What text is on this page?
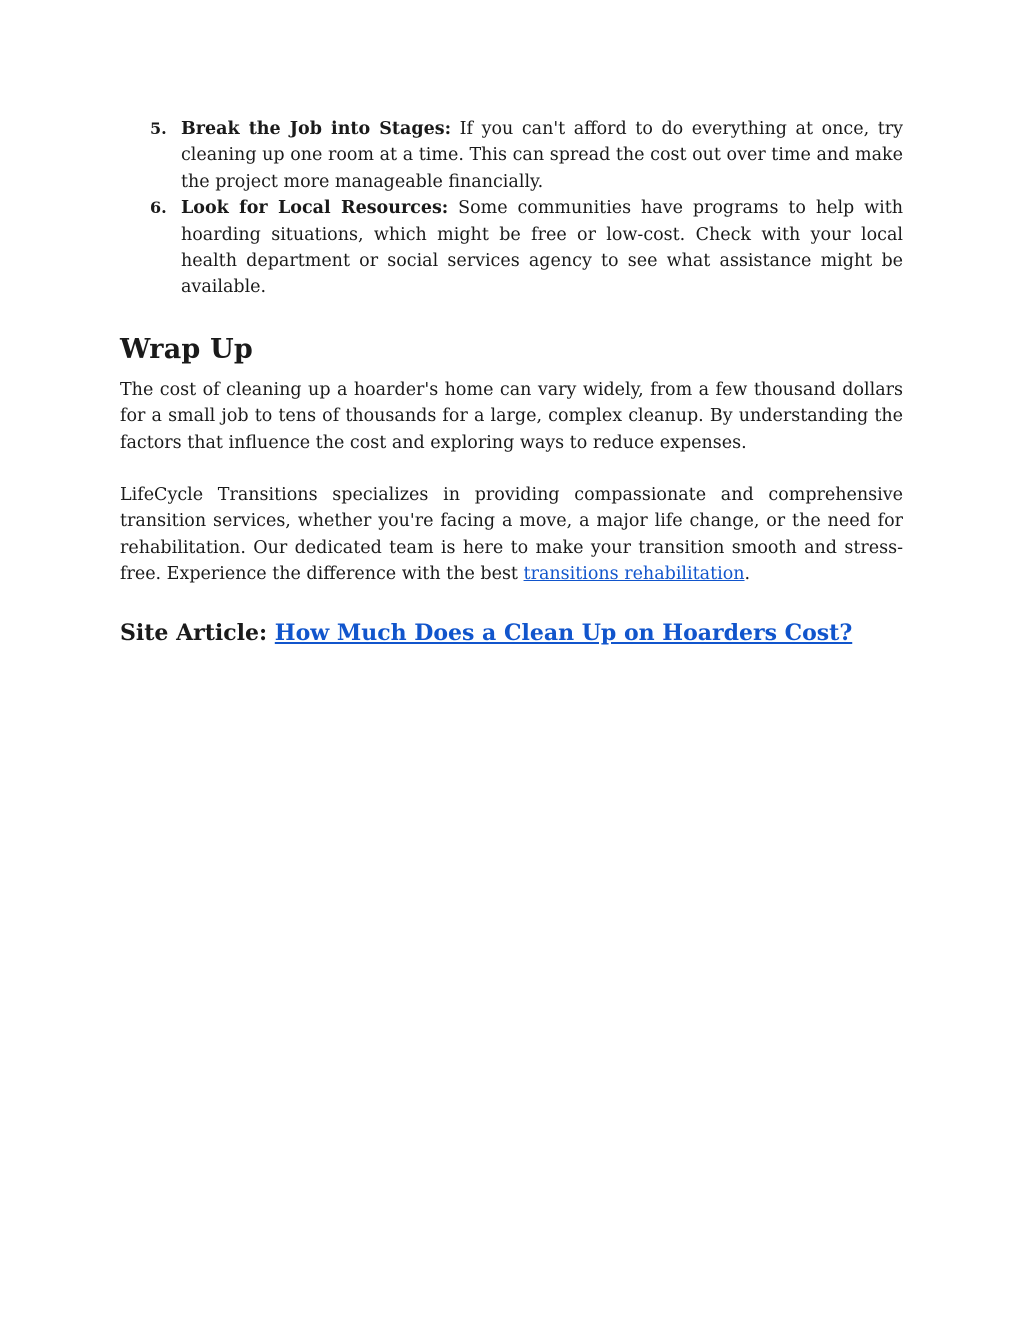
5. Break the Job into Stages: If you can't afford to do everything at once, try cleaning up one room at a time. This can spread the cost out over time and make the project more manageable financially.
6. Look for Local Resources: Some communities have programs to help with hoarding situations, which might be free or low-cost. Check with your local health department or social services agency to see what assistance might be available.
Wrap Up

The cost of cleaning up a hoarder's home can vary widely, from a few thousand dollars for a small job to tens of thousands for a large, complex cleanup. By understanding the factors that influence the cost and exploring ways to reduce expenses.

LifeCycle Transitions specializes in providing compassionate and comprehensive transition services, whether you're facing a move, a major life change, or the need for rehabilitation. Our dedicated team is here to make your transition smooth and stress-free. Experience the difference with the best transitions rehabilitation.

Site Article: How Much Does a Clean Up on Hoarders Cost?
